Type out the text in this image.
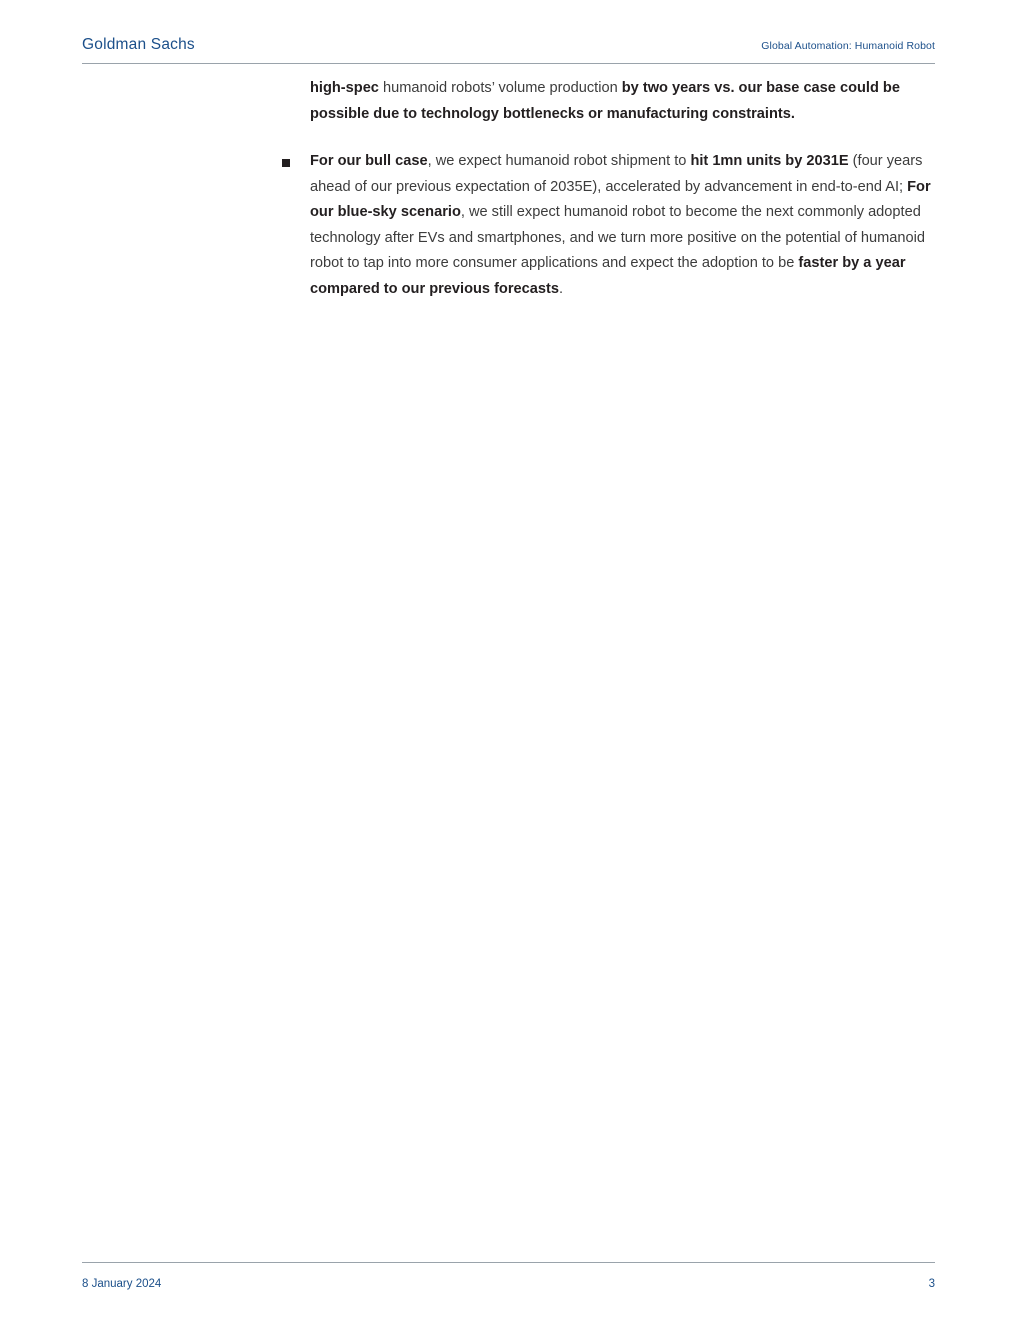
Goldman Sachs	Global Automation: Humanoid Robot

high-spec humanoid robots’ volume production by two years vs. our base case could be possible due to technology bottlenecks or manufacturing constraints.

For our bull case, we expect humanoid robot shipment to hit 1mn units by 2031E (four years ahead of our previous expectation of 2035E), accelerated by advancement in end-to-end AI; For our blue-sky scenario, we still expect humanoid robot to become the next commonly adopted technology after EVs and smartphones, and we turn more positive on the potential of humanoid robot to tap into more consumer applications and expect the adoption to be faster by a year compared to our previous forecasts.
8 January 2024	3
